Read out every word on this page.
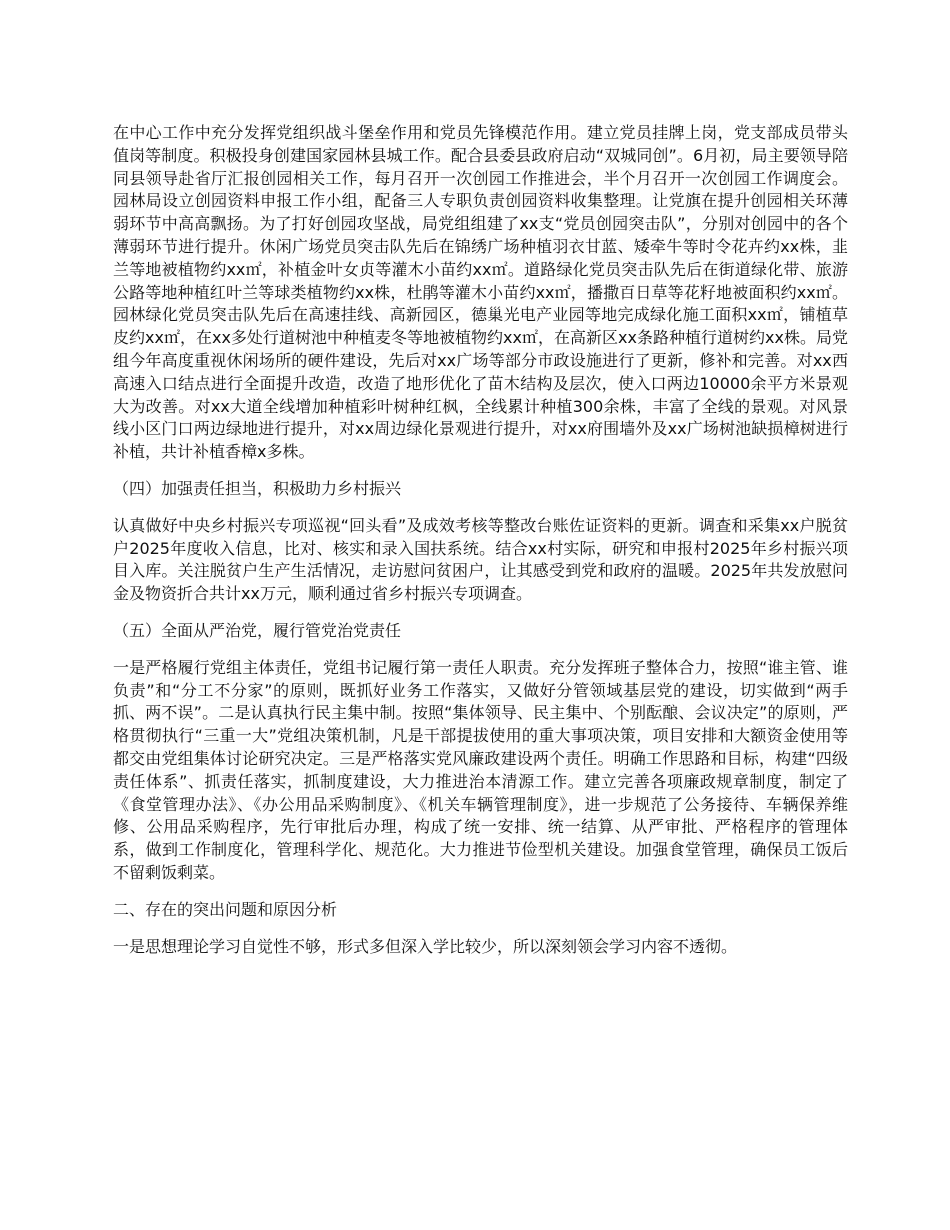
在中心工作中充分发挥党组织战斗堡垒作用和党员先锋模范作用。建立党员挂牌上岗，党支部成员带头值岗等制度。积极投身创建国家园林县城工作。配合县委县政府启动“双城同创”。6月初，局主要领导陪同县领导赴省厅汇报创园相关工作，每月召开一次创园工作推进会，半个月召开一次创园工作调度会。园林局设立创园资料申报工作小组，配备三人专职负责创园资料收集整理。让党旗在提升创园相关环薄弱环节中高高飘扬。为了打好创园攻坚战，局党组组建了xx支“党员创园突击队”，分别对创园中的各个薄弱环节进行提升。休闲广场党员突击队先后在锦绣广场种植羽衣甘蓝、矮牵牛等时令花卉约xx株，韭兰等地被植物约xx㎡，补植金叶女贞等灌木小苗约xx㎡。道路绿化党员突击队先后在街道绿化带、旅游公路等地种植红叶兰等球类植物约xx株，杜鹃等灌木小苗约xx㎡，播撒百日草等花籽地被面积约xx㎡。园林绿化党员突击队先后在高速挂线、高新园区，德巢光电产业园等地完成绿化施工面积xx㎡，铺植草皮约xx㎡，在xx多处行道树池中种植麦冬等地被植物约xx㎡，在高新区xx条路种植行道树约xx株。局党组今年高度重视休闲场所的硬件建设，先后对xx广场等部分市政设施进行了更新，修补和完善。对xx西高速入口结点进行全面提升改造，改造了地形优化了苗木结构及层次，使入口两边10000余平方米景观大为改善。对xx大道全线增加种植彩叶树种红枫，全线累计种植300余株，丰富了全线的景观。对风景线小区门口两边绿地进行提升，对xx周边绿化景观进行提升，对xx府围墙外及xx广场树池缺损樟树进行补植，共计补植香樟x多株。

（四）加强责任担当，积极助力乡村振兴

认真做好中央乡村振兴专项巡视“回头看”及成效考核等整改台账佐证资料的更新。调查和采集xx户脱贫户2025年度收入信息，比对、核实和录入国扶系统。结合xx村实际，研究和申报村2025年乡村振兴项目入库。关注脱贫户生产生活情况，走访慰问贫困户，让其感受到党和政府的温暖。2025年共发放慰问金及物资折合共计xx万元，顺利通过省乡村振兴专项调查。

（五）全面从严治党，履行管党治党责任

一是严格履行党组主体责任，党组书记履行第一责任人职责。充分发挥班子整体合力，按照“谁主管、谁负责”和“分工不分家”的原则，既抓好业务工作落实，又做好分管领域基层党的建设，切实做到“两手抓、两不误”。二是认真执行民主集中制。按照“集体领导、民主集中、个别酝酿、会议决定”的原则，严格贯彻执行“三重一大”党组决策机制，凡是干部提拔使用的重大事项决策，项目安排和大额资金使用等都交由党组集体讨论研究决定。三是严格落实党风廉政建设两个责任。明确工作思路和目标，构建“四级责任体系”、抓责任落实，抓制度建设，大力推进治本清源工作。建立完善各项廉政规章制度，制定了《食堂管理办法》、《办公用品采购制度》、《机关车辆管理制度》，进一步规范了公务接待、车辆保养维修、公用品采购程序，先行审批后办理，构成了统一安排、统一结算、从严审批、严格程序的管理体系，做到工作制度化，管理科学化、规范化。大力推进节俭型机关建设。加强食堂管理，确保员工饭后不留剩饭剩菜。

二、存在的突出问题和原因分析

一是思想理论学习自觉性不够，形式多但深入学比较少，所以深刻领会学习内容不透彻。
